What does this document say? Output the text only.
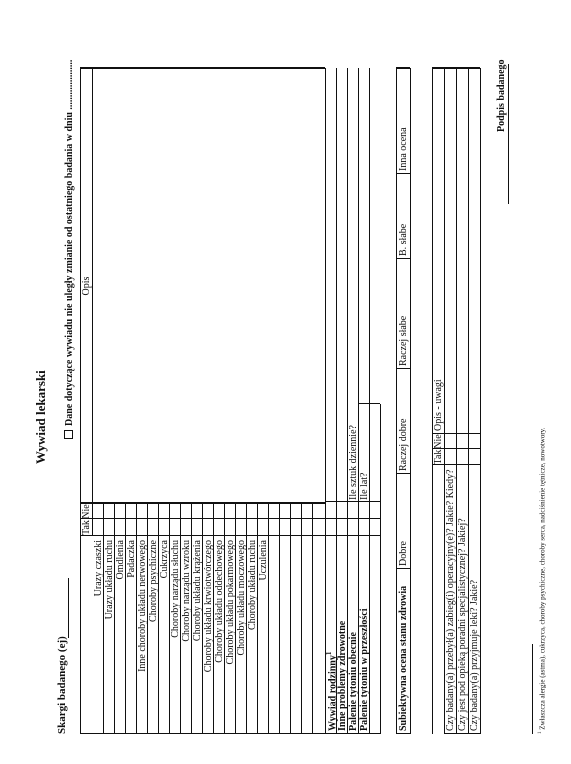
Wywiad lekarski
Skargi badanego (ej)
Dane dotyczące wywiadu nie uległy zmianie od ostatniego badania w dniu ....................
Tak
Nie
Opis
Urazy czaszki Urazy układu ruchu Omdlenia Padaczka Inne choroby układu nerwowego Choroby psychiczne Cukrzyca Choroby narządu słuchu Choroby narządu wzroku Choroby układu krążenia Choroby układu krwiotwórczego Choroby układu oddechowego Choroby układu pokarmowego Choroby układu moczowego Choroby układu ruchu Uczulenia
Wywiad rodzinny$^1$ Inne problemy zdrowotne Palenie tytoniu obecnie Palenie tytoniu w przeszłości
Ile sztuk dziennie? Ile lat?
Subiektywna ocena stanu zdrowia
Dobre
Raczej dobre
Raczej słabe
B. słabe
Inna ocena
Tak
Nie
Opis - uwagi
Czy badany(a) przebył(a) zabieg(i) operacyjny(e)? Jakie? Kiedy? Czy jest pod opieką poradni specjalistycznej? Jakiej? Czy badany(a) przyjmuje leki? Jakie?
Podpis badanego
$^1$ Zwłaszcza alergie (astma), cukrzyca, choroby psychiczne, choroby serca, nadciśnienie tętnicze, nowotwory.
